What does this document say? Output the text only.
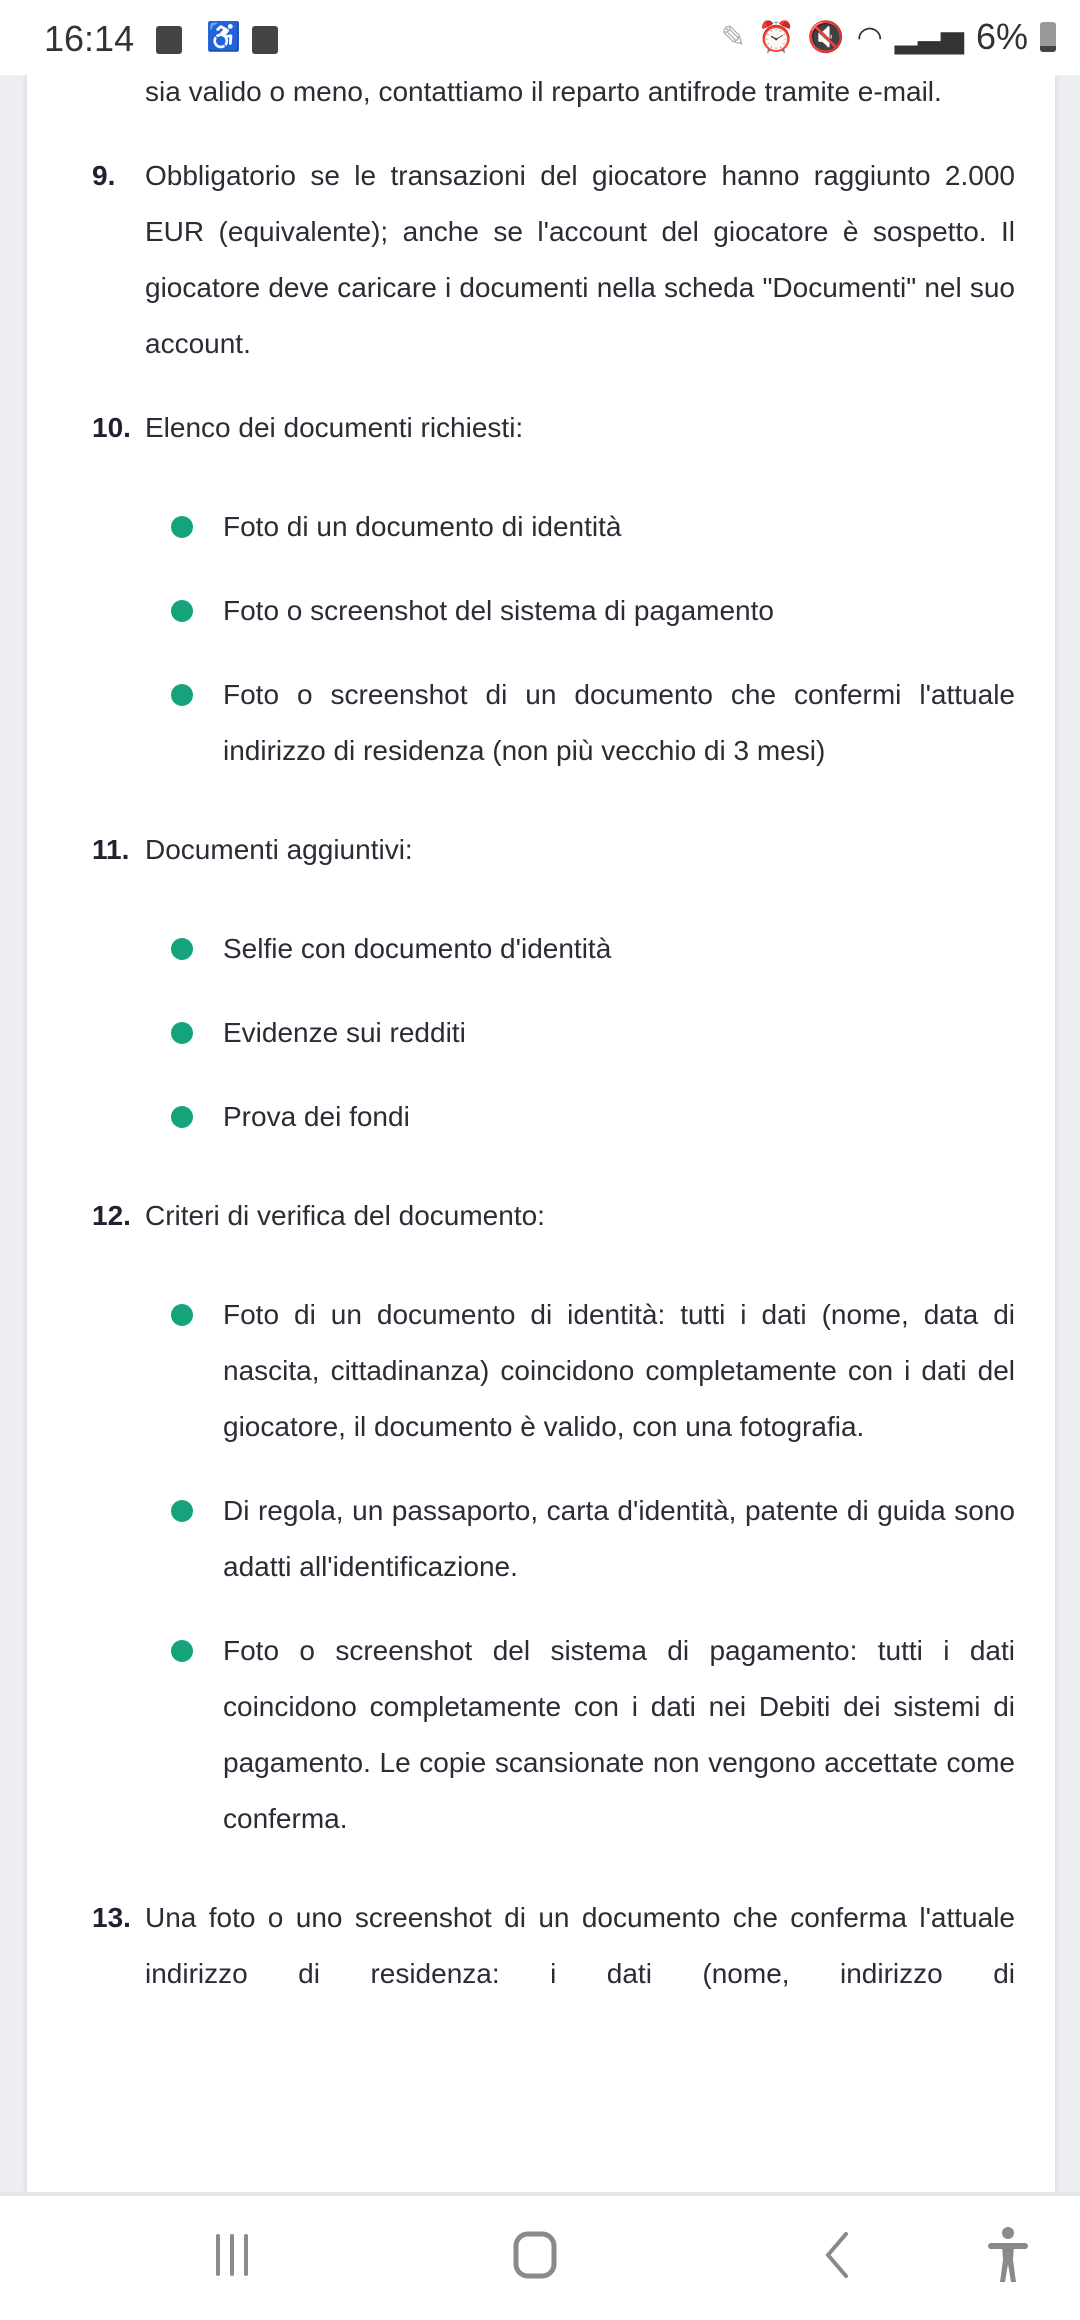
16:14	♿	✎ ⏰ 🔇 ◠ ▂▃▅ 6%
sia valido o meno, contattiamo il reparto antifrode tramite e-mail.
9. Obbligatorio se le transazioni del giocatore hanno raggiunto 2.000 EUR (equivalente); anche se l'account del giocatore è sospetto. Il giocatore deve caricare i documenti nella scheda "Documenti" nel suo account.
10. Elenco dei documenti richiesti:
Foto di un documento di identità
Foto o screenshot del sistema di pagamento
Foto o screenshot di un documento che confermi l'attuale indirizzo di residenza (non più vecchio di 3 mesi)
11. Documenti aggiuntivi:
Selfie con documento d'identità
Evidenze sui redditi
Prova dei fondi
12. Criteri di verifica del documento:
Foto di un documento di identità: tutti i dati (nome, data di nascita, cittadinanza) coincidono completamente con i dati del giocatore, il documento è valido, con una fotografia.
Di regola, un passaporto, carta d'identità, patente di guida sono adatti all'identificazione.
Foto o screenshot del sistema di pagamento: tutti i dati coincidono completamente con i dati nei Debiti dei sistemi di pagamento. Le copie scansionate non vengono accettate come conferma.
13. Una foto o uno screenshot di un documento che conferma l'attuale indirizzo di residenza: i dati (nome, indirizzo di
